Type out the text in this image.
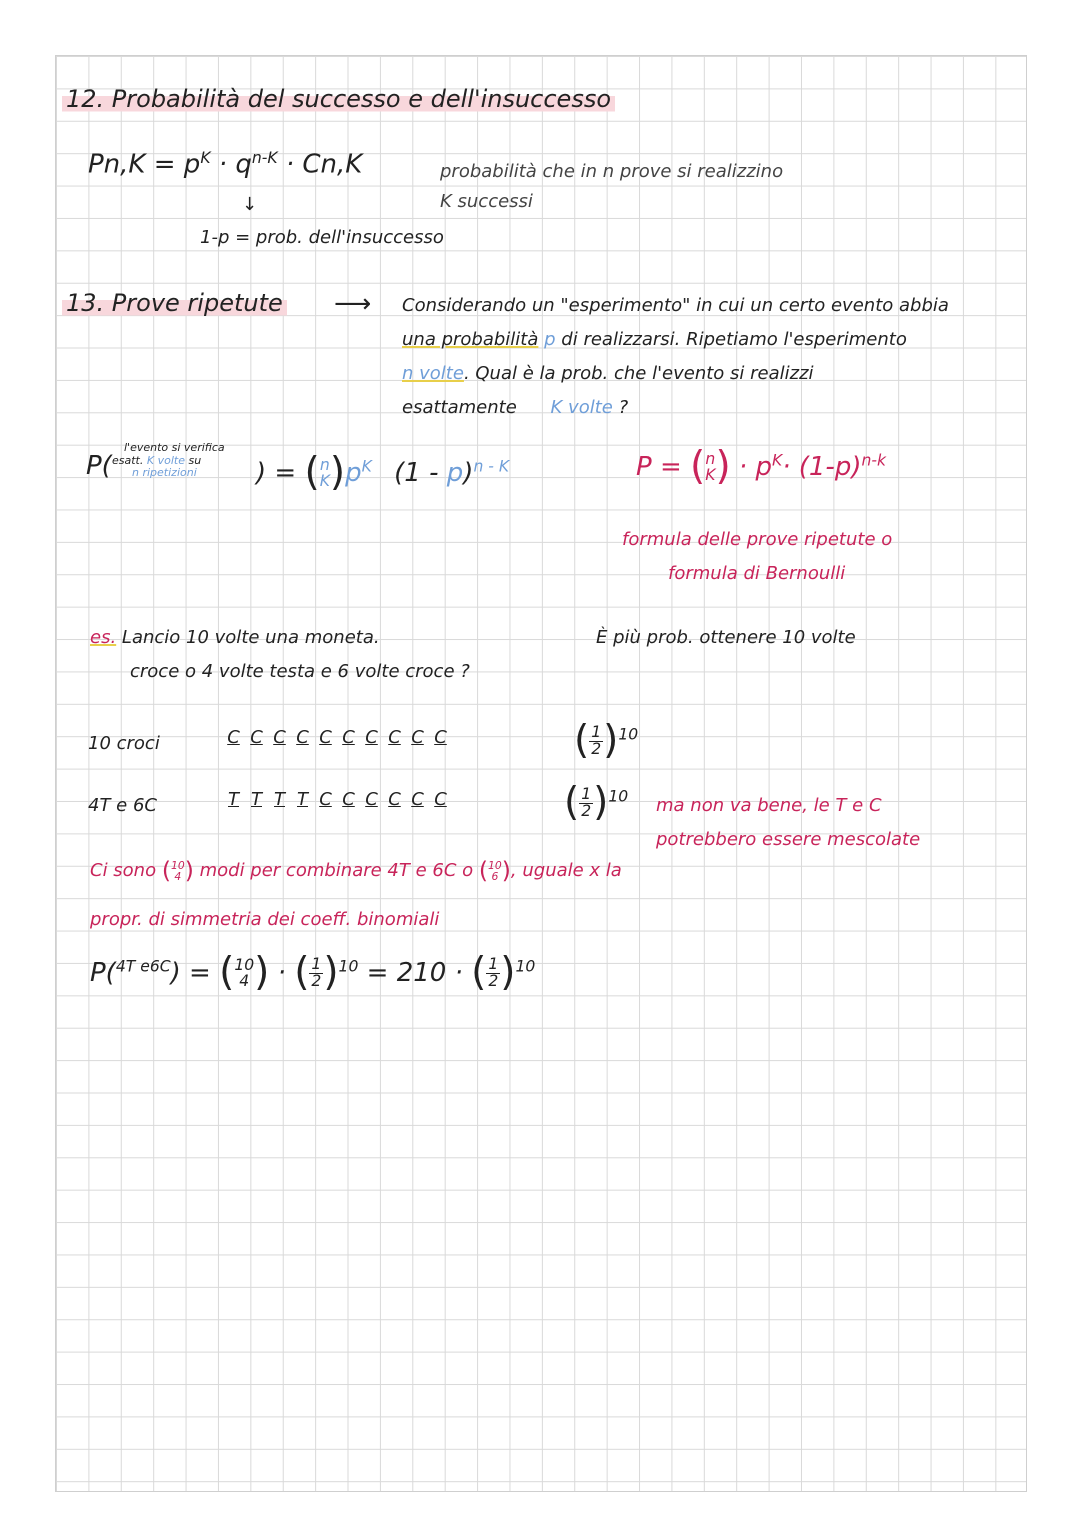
12. Probabilità del successo e dell'insuccesso
$Pn,K = p^K \cdot q^{n-K} \cdot Cn,K$	probabilità che in n prove si realizzino
K successi
↓
1-p = prob. dell'insuccesso
13. Prove ripetute ⟶ Considerando un "esperimento" in cui un certo evento abbia
una probabilità p di realizzarsi. Ripetiamo l'esperimento
n volte. Qual è la prob. che l'evento si realizzi
esattamente K volte ?
P(
l'evento si verifica
esatt. K volte su
n ripetizioni	) = ( n
K )$p^K$ (1 - p)$^{n - K}$	P = ( n
K ) · $p^K\cdot (1-p)^{n-k}$
formula delle prove ripetute o
formula di Bernoulli
es. Lancio 10 volte una moneta.	È più prob. ottenere 10 volte
croce o 4 volte testa e 6 volte croce ?
10 croci	C C C C C C C C C C	( $\frac{1}{2} )^{10}$
4T e 6C	T T T T C C C C C C	( $\frac{1}{2} )^{10}$ ma non va bene, le T e C
potrebbero essere mescolate
Ci sono ( 10
4 ) modi per combinare 4T e 6C o ( 10
6 ), uguale x la
propr. di simmetria dei coeff. binomiali
P($^{4T e6C}$) = ( 10
4 ) · ( $\frac{1}{2} )^{10} = 210$ · ( $\frac{1}{2} )^{10}$
